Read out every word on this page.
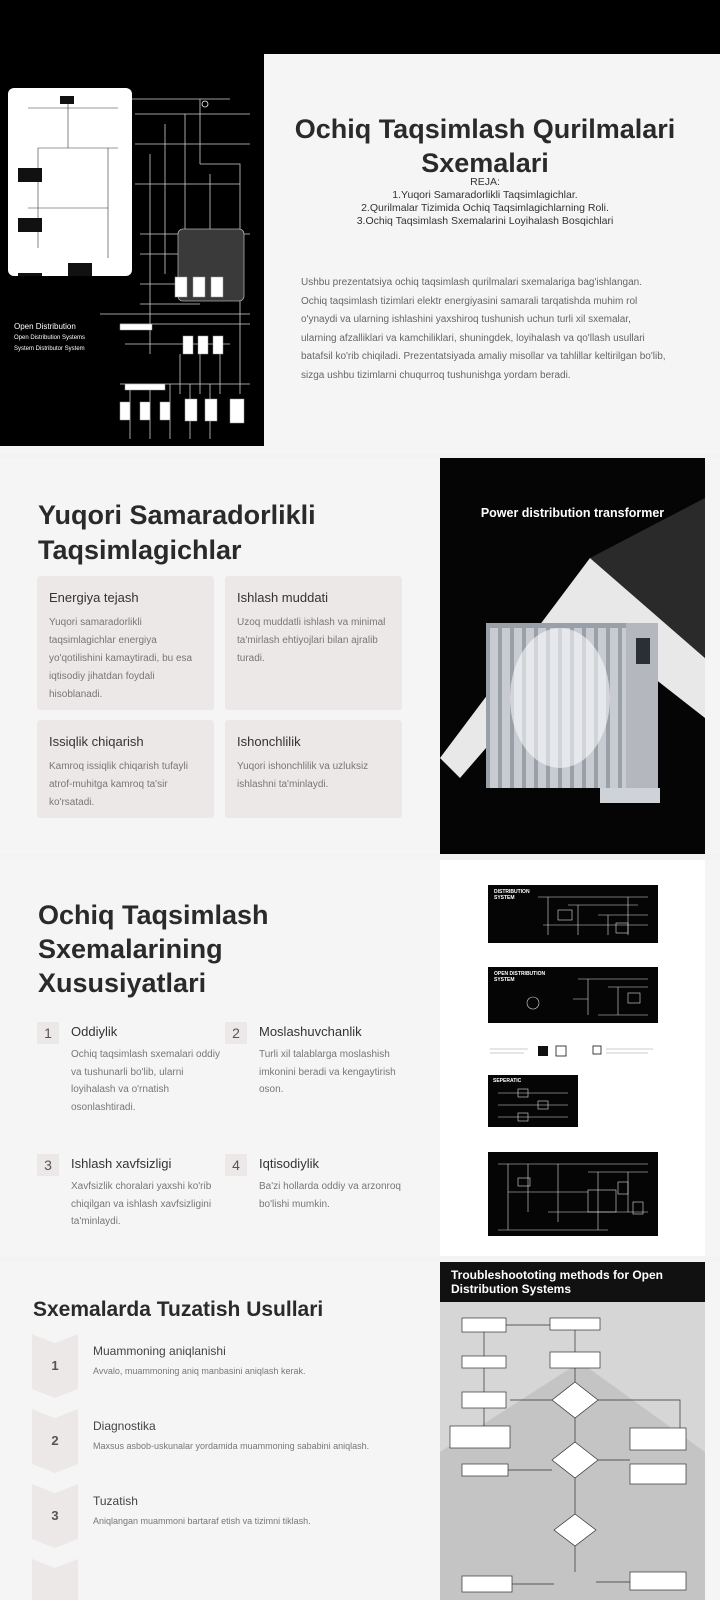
Open Distribution
Open Distribution Systems
System Distributor System
Ochiq Taqsimlash Qurilmalari Sxemalari
REJA:
1.Yuqori Samaradorlikli Taqsimlagichlar.
2.Qurilmalar Tizimida Ochiq Taqsimlagichlarning Roli.
3.Ochiq Taqsimlash Sxemalarini Loyihalash Bosqichlari

Ushbu prezentatsiya ochiq taqsimlash qurilmalari sxemalariga bag'ishlangan. Ochiq taqsimlash tizimlari elektr energiyasini samarali tarqatishda muhim rol o'ynaydi va ularning ishlashini yaxshiroq tushunish uchun turli xil sxemalar, ularning afzalliklari va kamchiliklari, shuningdek, loyihalash va qo'llash usullari batafsil ko'rib chiqiladi. Prezentatsiyada amaliy misollar va tahlillar keltirilgan bo'lib, sizga ushbu tizimlarni chuqurroq tushunishga yordam beradi.

Yuqori Samaradorlikli Taqsimlagichlar
Energiya tejash
Yuqori samaradorlikli taqsimlagichlar energiya yo'qotilishini kamaytiradi, bu esa iqtisodiy jihatdan foydali hisoblanadi.
Ishlash muddati
Uzoq muddatli ishlash va minimal ta'mirlash ehtiyojlari bilan ajralib turadi.
Issiqlik chiqarish
Kamroq issiqlik chiqarish tufayli atrof-muhitga kamroq ta'sir ko'rsatadi.
Ishonchlilik
Yuqori ishonchlilik va uzluksiz ishlashni ta'minlaydi.
Power distribution transformer
Ochiq Taqsimlash Sxemalarining Xususiyatlari
1	Oddiylik
Ochiq taqsimlash sxemalari oddiy va tushunarli bo'lib, ularni loyihalash va o'rnatish osonlashtiradi.
2	Moslashuvchanlik
Turli xil talablarga moslashish imkonini beradi va kengaytirish oson.
3	Ishlash xavfsizligi
Xavfsizlik choralari yaxshi ko'rib chiqilgan va ishlash xavfsizligini ta'minlaydi.
4	Iqtisodiylik
Ba'zi hollarda oddiy va arzonroq bo'lishi mumkin.
DISTRIBUTION SYSTEM
OPEN DISTRIBUTION SYSTEM
SEPERATIC
Sxemalarda Tuzatish Usullari
1
Muammoning aniqlanishi
Avvalo, muammoning aniq manbasini aniqlash kerak.
2
Diagnostika
Maxsus asbob-uskunalar yordamida muammoning sababini aniqlash.
3
Tuzatish
Aniqlangan muammoni bartaraf etish va tizimni tiklash.
Troubleshoototing methods for Open Distribution Systems
